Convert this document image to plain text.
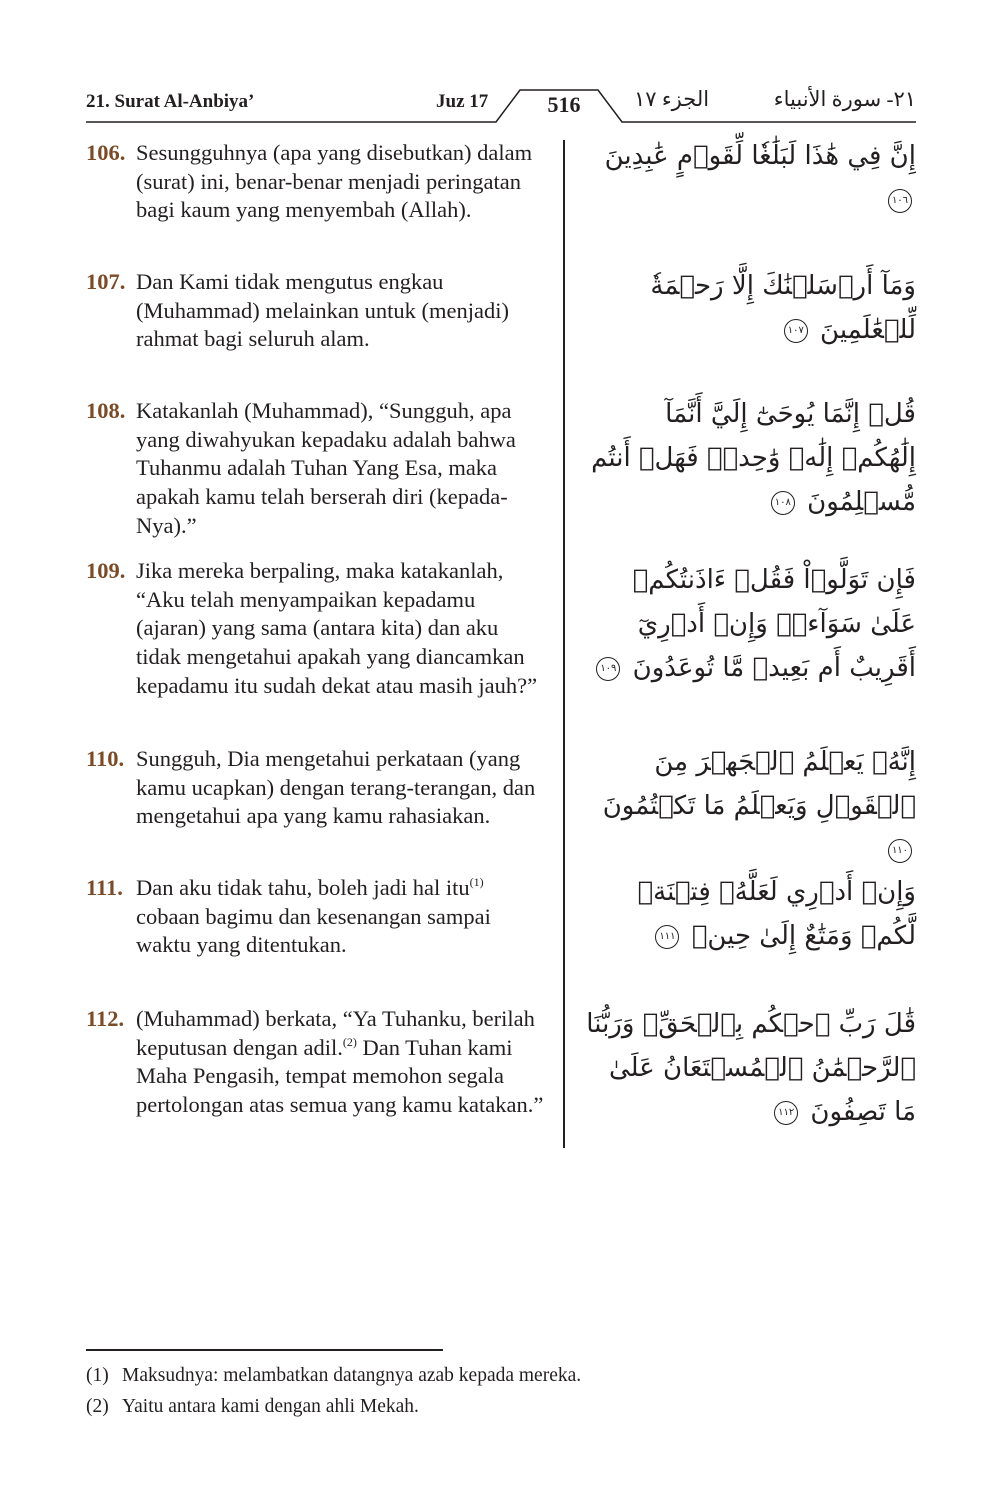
21. Surat Al-Anbiya’	Juz 17	516	الجزء ١٧	٢١- سورة الأنبياء
106. Sesungguhnya (apa yang disebutkan) dalam (surat) ini, benar-benar menjadi peringatan bagi kaum yang menyembah (Allah).
إِنَّ فِي هَٰذَا لَبَلَٰغٗا لِّقَوۡمٍ عَٰبِدِينَ ١٠٦
107. Dan Kami tidak mengutus engkau (Muhammad) melainkan untuk (menjadi) rahmat bagi seluruh alam.
وَمَآ أَرۡسَلۡنَٰكَ إِلَّا رَحۡمَةٗ لِّلۡعَٰلَمِينَ ١٠٧
108. Katakanlah (Muhammad), “Sungguh, apa yang diwahyukan kepadaku adalah bahwa Tuhanmu adalah Tuhan Yang Esa, maka apakah kamu telah berserah diri (kepada-Nya).”
قُلۡ إِنَّمَا يُوحَىٰٓ إِلَيَّ أَنَّمَآ إِلَٰهُكُمۡ إِلَٰهٞ وَٰحِدٞۖ فَهَلۡ أَنتُم مُّسۡلِمُونَ ١٠٨
109. Jika mereka berpaling, maka katakanlah, “Aku telah menyampaikan kepadamu (ajaran) yang sama (antara kita) dan aku tidak mengetahui apakah yang diancamkan kepadamu itu sudah dekat atau masih jauh?”
فَإِن تَوَلَّوۡاْ فَقُلۡ ءَاذَنتُكُمۡ عَلَىٰ سَوَآءٖۖ وَإِنۡ أَدۡرِيٓ أَقَرِيبٌ أَم بَعِيدٞ مَّا تُوعَدُونَ ١٠٩
110. Sungguh, Dia mengetahui perkataan (yang kamu ucapkan) dengan terang-terangan, dan mengetahui apa yang kamu rahasiakan.
إِنَّهُۥ يَعۡلَمُ ٱلۡجَهۡرَ مِنَ ٱلۡقَوۡلِ وَيَعۡلَمُ مَا تَكۡتُمُونَ ١١٠
111. Dan aku tidak tahu, boleh jadi hal itu$^{(1)}$ cobaan bagimu dan kesenangan sampai waktu yang ditentukan.
وَإِنۡ أَدۡرِي لَعَلَّهُۥ فِتۡنَةٞ لَّكُمۡ وَمَتَٰعٌ إِلَىٰ حِينٖ ١١١
112. (Muhammad) berkata, “Ya Tuhanku, berilah keputusan dengan adil.$^{(2)}$ Dan Tuhan kami Maha Pengasih, tempat memohon segala pertolongan atas semua yang kamu katakan.”
قَٰلَ رَبِّ ٱحۡكُم بِٱلۡحَقِّۗ وَرَبُّنَا ٱلرَّحۡمَٰنُ ٱلۡمُسۡتَعَانُ عَلَىٰ مَا تَصِفُونَ ١١٢
(1) Maksudnya: melambatkan datangnya azab kepada mereka.
(2) Yaitu antara kami dengan ahli Mekah.
